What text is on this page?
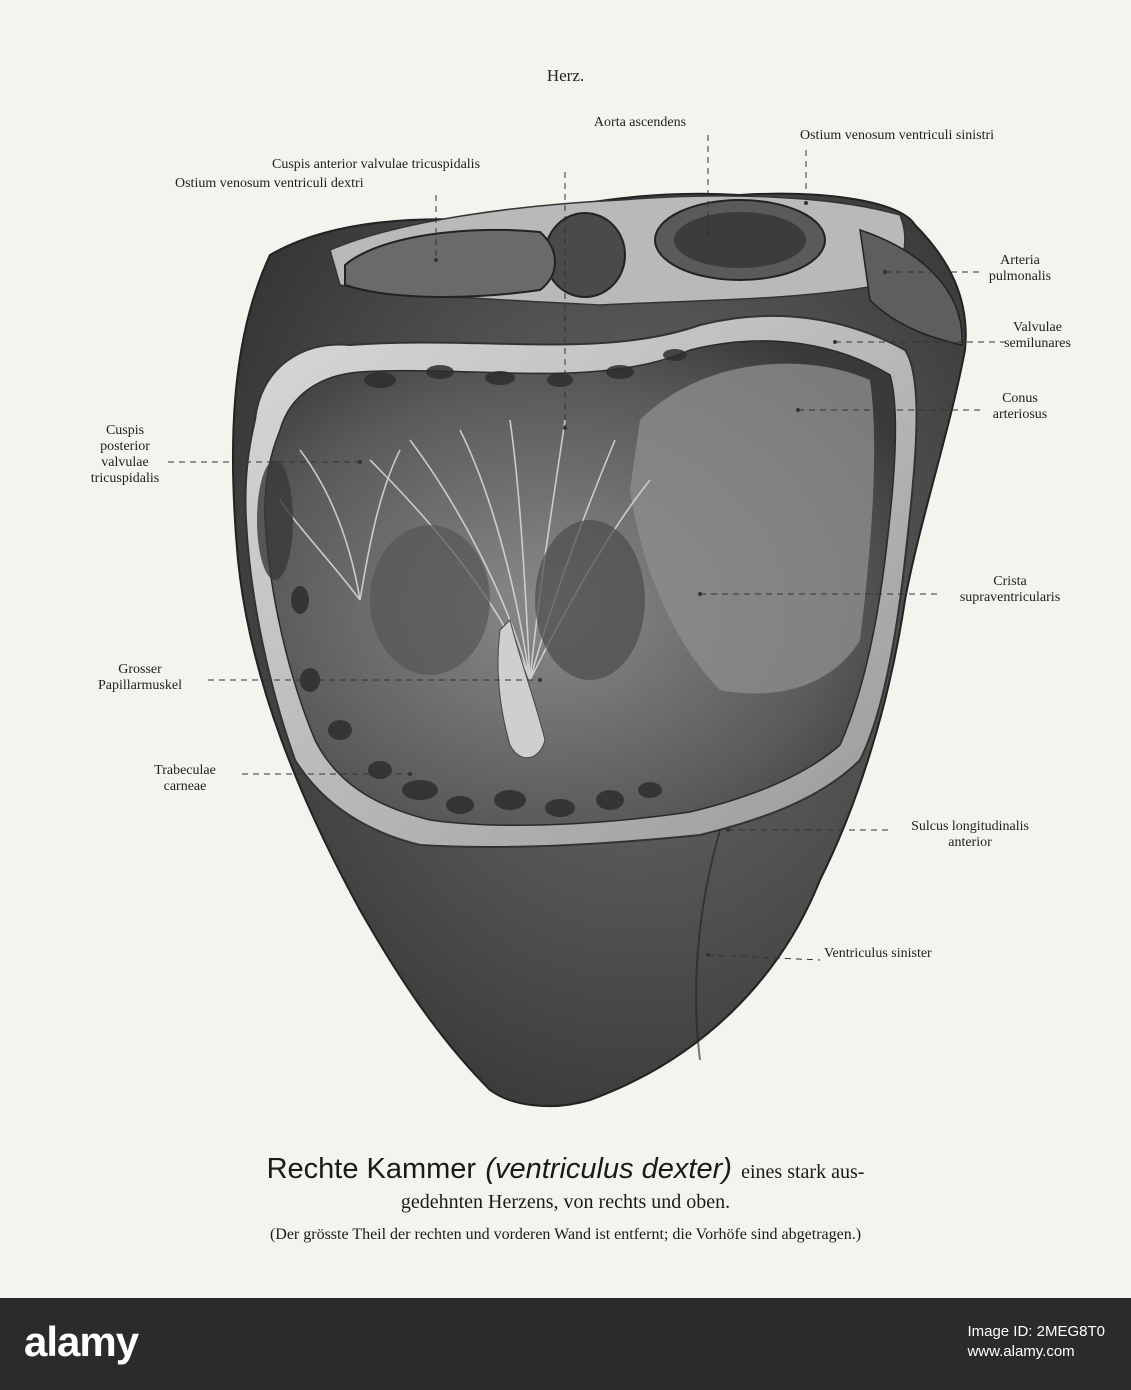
Herz.
Aorta ascendens
Ostium venosum ventriculi sinistri
Cuspis anterior valvulae tricuspidalis
Ostium venosum ventriculi dextri
Arteria
pulmonalis
Valvulae
semilunares
Conus
arteriosus
Cuspis
posterior
valvulae
tricuspidalis
Crista
supraventricularis
Grosser
Papillarmuskel
Trabeculae
carneae
Sulcus longitudinalis
anterior
Ventriculus sinister
Rechte Kammer (ventriculus dexter) eines stark aus-
gedehnten Herzens, von rechts und oben.
(Der grösste Theil der rechten und vorderen Wand ist entfernt; die Vorhöfe sind abgetragen.)
alamy	Image ID: 2MEG8T0
www.alamy.com
